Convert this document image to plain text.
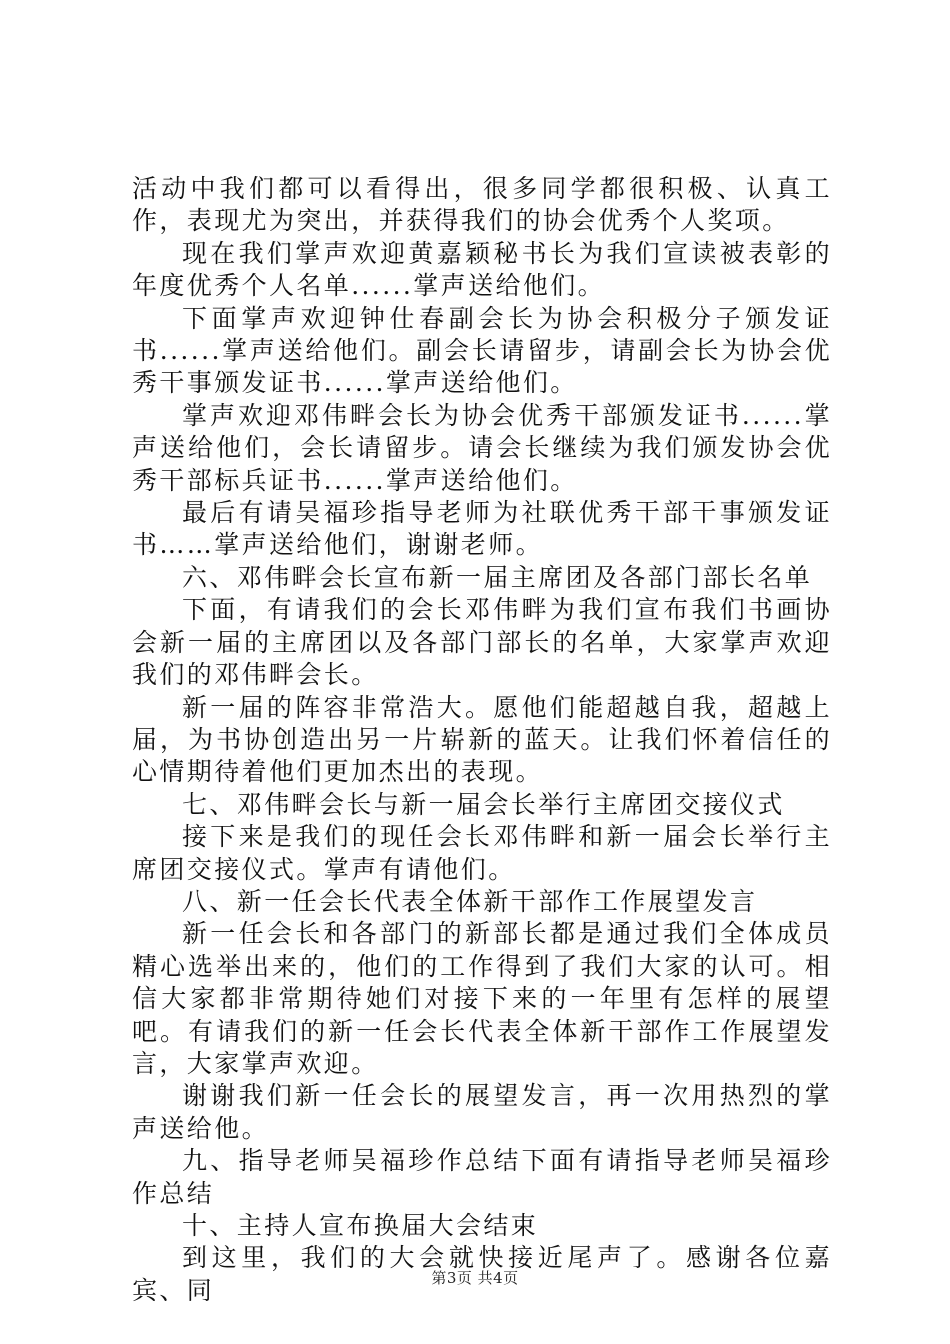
活动中我们都可以看得出，很多同学都很积极、认真工作，表现尤为突出，并获得我们的协会优秀个人奖项。

现在我们掌声欢迎黄嘉颖秘书长为我们宣读被表彰的年度优秀个人名单......掌声送给他们。

下面掌声欢迎钟仕春副会长为协会积极分子颁发证书......掌声送给他们。副会长请留步，请副会长为协会优秀干事颁发证书......掌声送给他们。

掌声欢迎邓伟畔会长为协会优秀干部颁发证书......掌声送给他们，会长请留步。请会长继续为我们颁发协会优秀干部标兵证书......掌声送给他们。

最后有请吴福珍指导老师为社联优秀干部干事颁发证书……掌声送给他们，谢谢老师。

六、邓伟畔会长宣布新一届主席团及各部门部长名单

下面，有请我们的会长邓伟畔为我们宣布我们书画协会新一届的主席团以及各部门部长的名单，大家掌声欢迎我们的邓伟畔会长。

新一届的阵容非常浩大。愿他们能超越自我，超越上届，为书协创造出另一片崭新的蓝天。让我们怀着信任的心情期待着他们更加杰出的表现。

七、邓伟畔会长与新一届会长举行主席团交接仪式

接下来是我们的现任会长邓伟畔和新一届会长举行主席团交接仪式。掌声有请他们。

八、新一任会长代表全体新干部作工作展望发言

新一任会长和各部门的新部长都是通过我们全体成员精心选举出来的，他们的工作得到了我们大家的认可。相信大家都非常期待她们对接下来的一年里有怎样的展望吧。有请我们的新一任会长代表全体新干部作工作展望发言，大家掌声欢迎。

谢谢我们新一任会长的展望发言，再一次用热烈的掌声送给他。

九、指导老师吴福珍作总结下面有请指导老师吴福珍作总结

十、主持人宣布换届大会结束

到这里，我们的大会就快接近尾声了。感谢各位嘉宾、同	第3页 共4页
